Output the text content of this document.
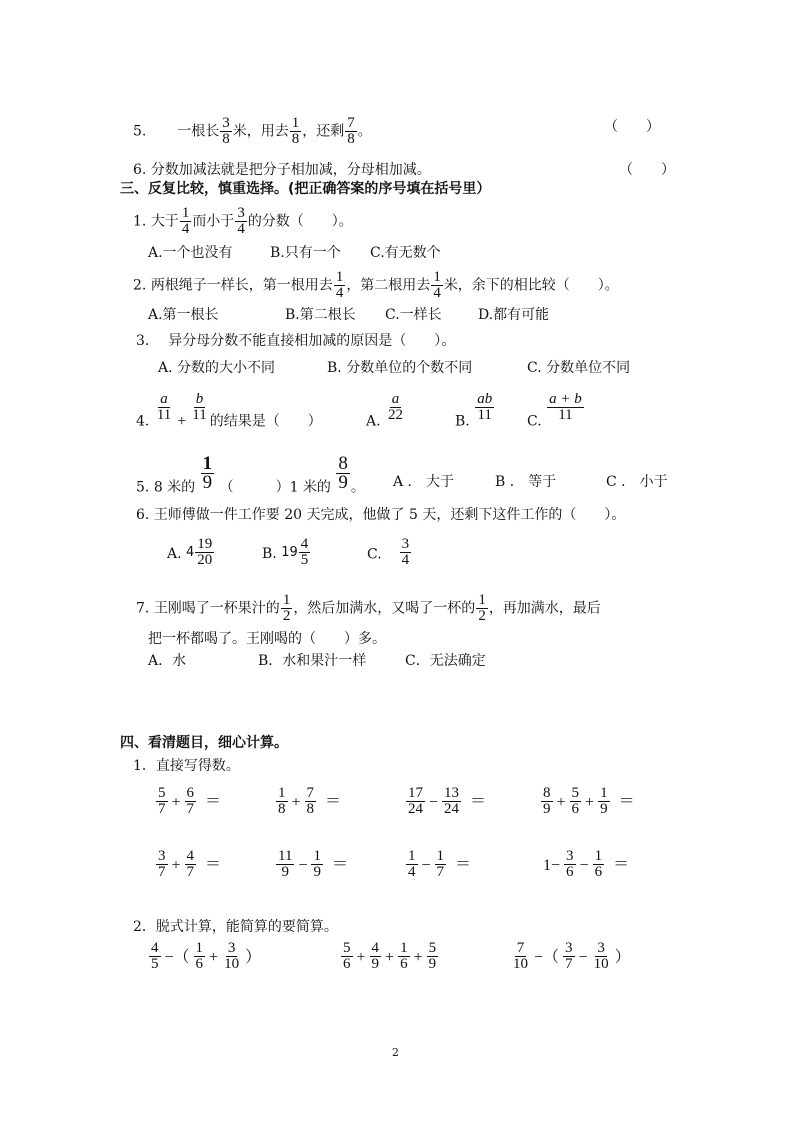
5. 一根长 $\frac{3}{8}$ 米，用去 $\frac{1}{8}$ ，还剩 $\frac{7}{8}$ 。	（　　）
6. 分数加减法就是把分子相加减，分母相加减。	（　　）
三、反复比较，慎重选择。(把正确答案的序号填在括号里）
1. 大于 $\frac{1}{4}$ 而小于 $\frac{3}{4}$ 的分数（　　）。
A.一个也没有	B.只有一个 C.有无数个
2. 两根绳子一样长，第一根用去 $\frac{1}{4}$ ，第二根用去 $\frac{1}{4}$ 米，余下的相比较（　　）。
A.第一根长	B.第二根长 C.一样长	D.都有可能
3. 异分母分数不能直接相加减的原因是（　　）。
A. 分数的大小不同	B. 分数单位的个数不同	C. 分数单位不同
4. $\frac{a}{11} + \frac{b}{11}$ 的结果是（　　）	A. $\frac{a}{22}$	B. $\frac{ab}{11} C$. $\frac{a + b}{11}$
5. 8 米的 $\frac{1}{9}$ （　　　）1 米的 $\frac{8}{9}$ 。 A ． 大于	B ． 等于	C ． 小于
6. 王师傅做一件工作要 20 天完成，他做了 5 天，还剩下这件工作的（　　）。
A. $4 \frac{19}{20}$	B. $19 \frac{4}{5}$	C. $\frac{3}{4}$
7. 王刚喝了一杯果汁的 $\frac{1}{2}$ ，然后加满水，又喝了一杯的 $\frac{1}{2}$ ，再加满水，最后
把一杯都喝了。王刚喝的（　　）多。
A．水	B．水和果汁一样	C．无法确定
四、看清题目，细心计算。
1．直接写得数。
$\frac{5}{7} + \frac{6}{7}$ ＝	$\frac{1}{8} + \frac{7}{8}$ ＝	$\frac{17}{24} - \frac{13}{24}$ ＝	$\frac{8}{9} + \frac{5}{6} + \frac{1}{9}$ ＝
$\frac{3}{7} + \frac{4}{7}$ ＝	$\frac{11}{9} - \frac{1}{9}$ ＝	$\frac{1}{4} - \frac{1}{7}$ ＝	$1- \frac{3}{6} - \frac{1}{6}$ ＝
2．脱式计算，能简算的要简算。
$\frac{4}{5}$ −（ $\frac{1}{6} + \frac{3}{10}$ ）	$\frac{5}{6} + \frac{4}{9} + \frac{1}{6} + \frac{5}{9}$	$\frac{7}{10}$ −（ $\frac{3}{7} - \frac{3}{10}$ ）
2
